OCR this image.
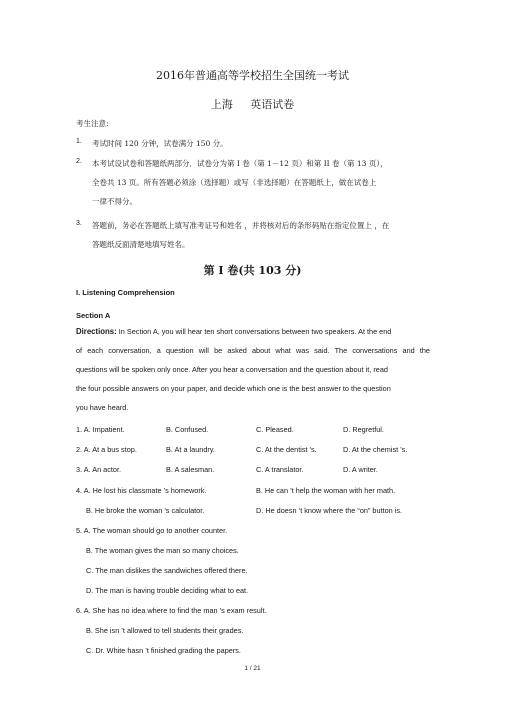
2016年普通高等学校招生全国统一考试
上海 英语试卷
考生注意:
1. 考试时间 120 分钟，试卷满分 150 分。
2. 本考试设试卷和答题纸两部分．试卷分为第 I 卷（第 1－12 页）和第 II 卷（第 13 页），
全卷共 13 页。所有答题必须涂（选择题）或写（非选择题）在答题纸上，做在试卷上
一律不得分。
3. 答题前，务必在答题纸上填写准考证号和姓名 ，并将核对后的条形码贴在指定位置上 ，在
答题纸反面清楚地填写姓名。
第 I 卷(共 103 分)
I. Listening Comprehension
Section A
Directions: In Section A, you will hear ten short conversations between two speakers. At the end
of each conversation, a question will be asked about what was said. The conversations and the
questions will be spoken only once. After you hear a conversation and the question about it, read
the four possible answers on your paper, and decide which one is the best answer to the question
you have heard.
1. A. Impatient.	B. Confused.	C. Pleased.	D. Regretful.
2. A. At a bus stop.	B. At a laundry.	C. At the dentist ’s.	D. At the chemist ’s.
3. A. An actor.	B. A salesman.	C. A translator.	D. A writer.
4. A. He lost his classmate ’s homework.	B. He can ’t help the woman with her math.
B. He broke the woman ’s calculator.	D. He doesn ’t know where the “on” button is.
5. A. The woman should go to another counter.
B. The woman gives the man so many choices.
C. The man dislikes the sandwiches offered there.
D. The man is having trouble deciding what to eat.
6. A. She has no idea where to find the man ’s exam result.
B. She isn ’t allowed to tell students their grades.
C. Dr. White hasn ’t finished grading the papers.
1 / 21
